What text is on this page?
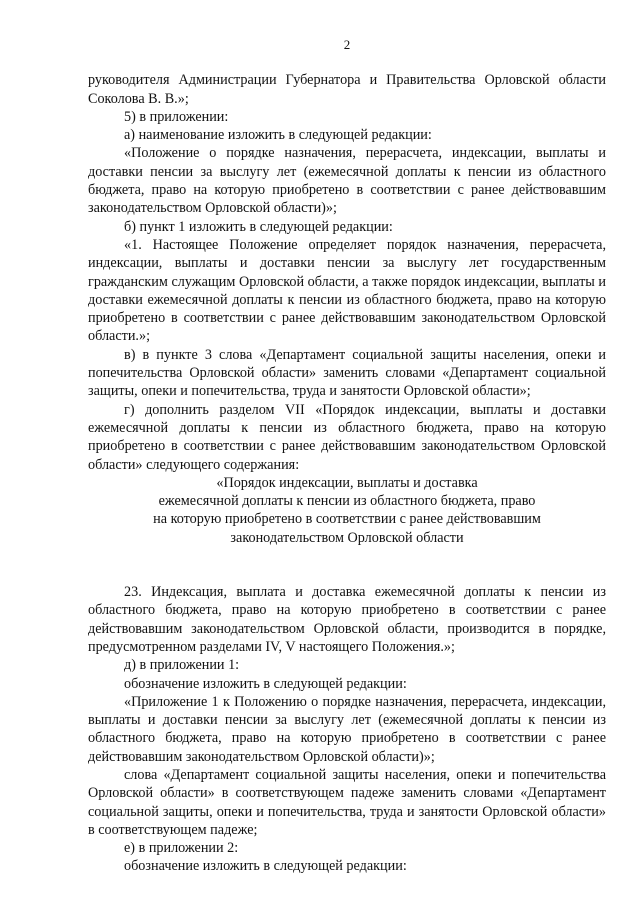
2

руководителя Администрации Губернатора и Правительства Орловской области Соколова В. В.»;

5) в приложении:

а) наименование изложить в следующей редакции:

«Положение о порядке назначения, перерасчета, индексации, выплаты и доставки пенсии за выслугу лет (ежемесячной доплаты к пенсии из областного бюджета, право на которую приобретено в соответствии с ранее действовавшим законодательством Орловской области)»;

б) пункт 1 изложить в следующей редакции:

«1. Настоящее Положение определяет порядок назначения, перерасчета, индексации, выплаты и доставки пенсии за выслугу лет государственным гражданским служащим Орловской области, а также порядок индексации, выплаты и доставки ежемесячной доплаты к пенсии из областного бюджета, право на которую приобретено в соответствии с ранее действовавшим законодательством Орловской области.»;

в) в пункте 3 слова «Департамент социальной защиты населения, опеки и попечительства Орловской области» заменить словами «Департамент социальной защиты, опеки и попечительства, труда и занятости Орловской области»;

г) дополнить разделом VII «Порядок индексации, выплаты и доставки ежемесячной доплаты к пенсии из областного бюджета, право на которую приобретено в соответствии с ранее действовавшим законодательством Орловской области» следующего содержания:

«Порядок индексации, выплаты и доставка

ежемесячной доплаты к пенсии из областного бюджета, право

на которую приобретено в соответствии с ранее действовавшим

законодательством Орловской области

23. Индексация, выплата и доставка ежемесячной доплаты к пенсии из областного бюджета, право на которую приобретено в соответствии с ранее действовавшим законодательством Орловской области, производится в порядке, предусмотренном разделами IV, V настоящего Положения.»;

д) в приложении 1:

обозначение изложить в следующей редакции:

«Приложение 1 к Положению о порядке назначения, перерасчета, индексации, выплаты и доставки пенсии за выслугу лет (ежемесячной доплаты к пенсии из областного бюджета, право на которую приобретено в соответствии с ранее действовавшим законодательством Орловской области)»;

слова «Департамент социальной защиты населения, опеки и попечительства Орловской области» в соответствующем падеже заменить словами «Департамент социальной защиты, опеки и попечительства, труда и занятости Орловской области» в соответствующем падеже;

е) в приложении 2:

обозначение изложить в следующей редакции:
